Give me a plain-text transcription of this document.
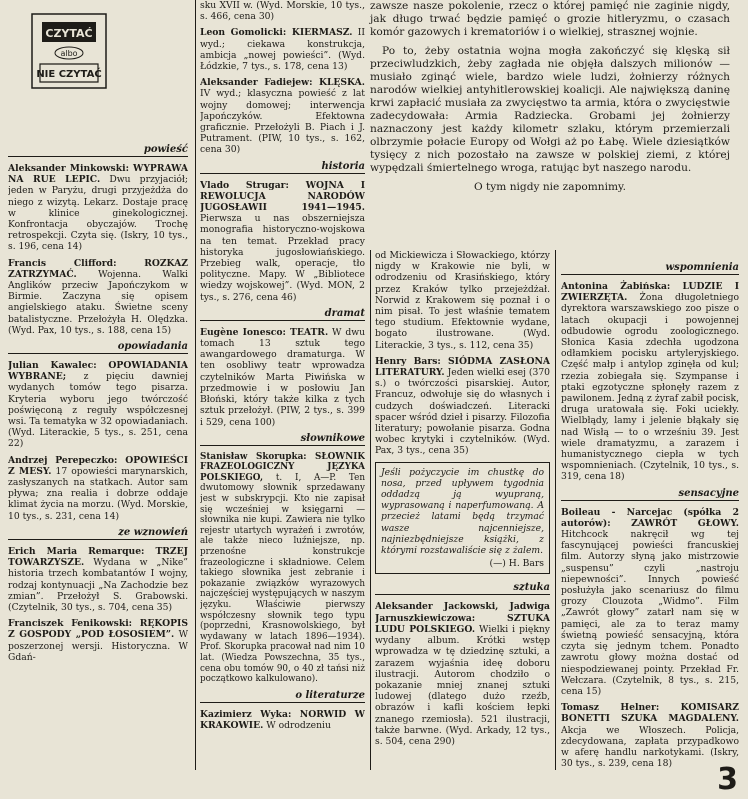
CZYTAĆ
albo
NIE CZYTAĆ

zawsze nasze pokolenie, rzecz o której pamięć nie zaginie nigdy, jak długo trwać będzie pamięć o grozie hitleryzmu, o czasach komór gazowych i krematoriów i o wielkiej, strasznej wojnie.

Po to, żeby ostatnia wojna mogła zakończyć się klęską sił przeciwludzkich, żeby zagłada nie objęła dalszych milionów — musiało zginąć wiele, bardzo wiele ludzi, żołnierzy różnych narodów wielkiej antyhitlerowskiej koalicji. Ale największą daninę krwi zapłacić musiała za zwycięstwo ta armia, która o zwycięstwie zadecydowała: Armia Radziecka. Grobami jej żołnierzy naznaczony jest każdy kilometr szlaku, którym przemierzali olbrzymie połacie Europy od Wołgi aż po Łabę. Wiele dziesiątków tysięcy z nich pozostało na zawsze w polskiej ziemi, z której wypędzali śmiertelnego wroga, ratując byt naszego narodu.

O tym nigdy nie zapomnimy.

powieść

Aleksander Minkowski: WYPRAWA NA RUE LEPIC. Dwu przyjaciół; jeden w Paryżu, drugi przyjeżdża do niego z wizytą. Lekarz. Dostaje pracę w klinice ginekologicznej. Konfrontacja obyczajów. Trochę retrospekcji. Czyta się. (Iskry, 10 tys., s. 196, cena 14)

Francis Clifford: ROZKAZ ZATRZYMAĆ. Wojenna. Walki Anglików przeciw Japończykom w Birmie. Zaczyna się opisem angielskiego ataku. Świetne sceny batalistyczne. Przełożyła H. Olędzka. (Wyd. Pax, 10 tys., s. 188, cena 15)

opowiadania

Julian Kawalec: OPOWIADANIA WYBRANE; z pięciu dawniej wydanych tomów tego pisarza. Kryteria wyboru jego twórczość poświęconą z reguły współczesnej wsi. Ta tematyka w 32 opowiadaniach. (Wyd. Literackie, 5 tys., s. 251, cena 22)

Andrzej Perepeczko: OPOWIEŚCI Z MESY. 17 opowieści marynarskich, zasłyszanych na statkach. Autor sam pływa; zna realia i dobrze oddaje klimat życia na morzu. (Wyd. Morskie, 10 tys., s. 231, cena 14)

ze wznowień

Erich Maria Remarque: TRZEJ TOWARZYSZE. Wydana w „Nike” historia trzech kombatantów I wojny, rodzaj kontynuacji „Na Zachodzie bez zmian”. Przełożył S. Grabowski. (Czytelnik, 30 tys., s. 704, cena 35)

Franciszek Fenikowski: RĘKOPIS Z GOSPODY „POD ŁOSOSIEM”. W poszerzonej wersji. Historyczna. W Gdań-

sku XVII w. (Wyd. Morskie, 10 tys., s. 466, cena 30)

Leon Gomolicki: KIERMASZ. II wyd.; ciekawa konstrukcja, ambicja „nowej powieści”. (Wyd. Łódzkie, 7 tys., s. 178, cena 13)

Aleksander Fadiejew: KLĘSKA. IV wyd.; klasyczna powieść z lat wojny domowej; interwencja Japończyków. Efektowna graficznie. Przełożyli B. Piach i J. Putrament. (PIW, 10 tys., s. 162, cena 30)

historia

Vlado Strugar: WOJNA I REWOLUCJA NARODÓW JUGOSŁAWII 1941—1945. Pierwsza u nas obszerniejsza monografia historyczno-wojskowa na ten temat. Przekład pracy historyka jugosłowiańskiego. Przebieg walk, operacje, tło polityczne. Mapy. W „Bibliotece wiedzy wojskowej”. (Wyd. MON, 2 tys., s. 276, cena 46)

dramat

Eugène Ionesco: TEATR. W dwu tomach 13 sztuk tego awangardowego dramaturga. W ten osobliwy teatr wprowadza czytelników Marta Piwińska w przedmowie i w posłowiu Jan Błoński, który także kilka z tych sztuk przełożył. (PIW, 2 tys., s. 399 i 529, cena 100)

słownikowe

Stanisław Skorupka: SŁOWNIK FRAZEOLOGICZNY JĘZYKA POLSKIEGO, t. I, A—P. Ten dwutomowy słownik sprzedawany jest w subskrypcji. Kto nie zapisał się wcześniej w księgarni — słownika nie kupi. Zawiera nie tylko rejestr utartych wyrażeń i zwrotów, ale także nieco luźniejsze, np. przenośne konstrukcje frazeologiczne i składniowe. Celem takiego słownika jest zebranie i pokazanie związków wyrazowych najczęściej występujących w naszym języku. Właściwie pierwszy współczesny słownik tego typu (poprzedni, Krasnowolskiego, był wydawany w latach 1896—1934). Prof. Skorupka pracował nad nim 10 lat. (Wiedza Powszechna, 35 tys., cena obu tomów 90, o 40 zł tańsi niż początkowo kalkulowano).

o literaturze

Kazimierz Wyka: NORWID W KRAKOWIE. W odrodzeniu

od Mickiewicza i Słowackiego, którzy nigdy w Krakowie nie byli, w odrodzeniu od Krasińskiego, który przez Kraków tylko przejeżdżał. Norwid z Krakowem się poznał i o nim pisał. To jest właśnie tematem tego studium. Efektownie wydane, bogato ilustrowane. (Wyd. Literackie, 3 tys., s. 112, cena 35)

Henry Bars: SIÓDMA ZASŁONA LITERATURY. Jeden wielki esej (370 s.) o twórczości pisarskiej. Autor, Francuz, odwołuje się do własnych i cudzych doświadczeń. Literacki spacer wśród dzieł i pisarzy. Filozofia literatury; powołanie pisarza. Godna wobec krytyki i czytelników. (Wyd. Pax, 3 tys., cena 35)

Jeśli pożyczycie im chustkę do nosa, przed upływem tygodnia oddadzą ją wyupraną, wyprasowaną i naperfumowaną. A przecież latami będą trzymać wasze najcenniejsze, najniezbędniejsze książki, z którymi rozstawaliście się z żalem.

(—) H. Bars

sztuka

Aleksander Jackowski, Jadwiga Jarnuszkiewiczowa: SZTUKA LUDU POLSKIEGO. Wielki i piękny wydany album. Krótki wstęp wprowadza w tę dziedzinę sztuki, a zarazem wyjaśnia ideę doboru ilustracji. Autorom chodziło o pokazanie mniej znanej sztuki ludowej (dlatego dużo rzeźb, obrazów i kafli kościem łepki znanego rzemiosła). 521 ilustracji, także barwne. (Wyd. Arkady, 12 tys., s. 504, cena 290)

wspomnienia

Antonina Żabińska: LUDZIE I ZWIERZĘTA. Żona długoletniego dyrektora warszawskiego zoo pisze o latach okupacji i powojennej odbudowie ogrodu zoologicznego. Słonica Kasia zdechła ugodzona odłamkiem pocisku artyleryjskiego. Część małp i antylop zginęła od kul; rzezia zobiegała się. Szympanse i ptaki egzotyczne spłonęły razem z pawilonem. Jedną z żyraf zabił pocisk, druga uratowała się. Foki uciekły. Wielbłądy, lamy i jelenie błąkały się nad Wisłą — to o wrześniu 39. Jest wiele dramatyzmu, a zarazem i humanistycznego ciepła w tych wspomnieniach. (Czytelnik, 10 tys., s. 319, cena 18)

sensacyjne

Boileau - Narcejac (spółka 2 autorów): ZAWRÓT GŁOWY. Hitchcock nakręcił wg tej fascynującej powieści francuskiej film. Autorzy słyną jako mistrzowie „suspensu” czyli „nastroju niepewności”. Innych powieść posłużyła jako scenariusz do filmu grozy Clouzota „Widmo”. Film „Zawrót głowy” zatarł nam się w pamięci, ale za to teraz mamy świetną powieść sensacyjną, która czyta się jednym tchem. Ponadto zawrotu głowy można dostać od niespodziewanej pointy. Przekład Fr. Wełczara. (Czytelnik, 8 tys., s. 215, cena 15)

Tomasz Helner: KOMISARZ BONETTI SZUKA MAGDALENY. Akcja we Włoszech. Policja, zdecydowana, zapłata przypadkowo w aferę handlu narkotykami. (Iskry, 30 tys., s. 239, cena 18)	3
